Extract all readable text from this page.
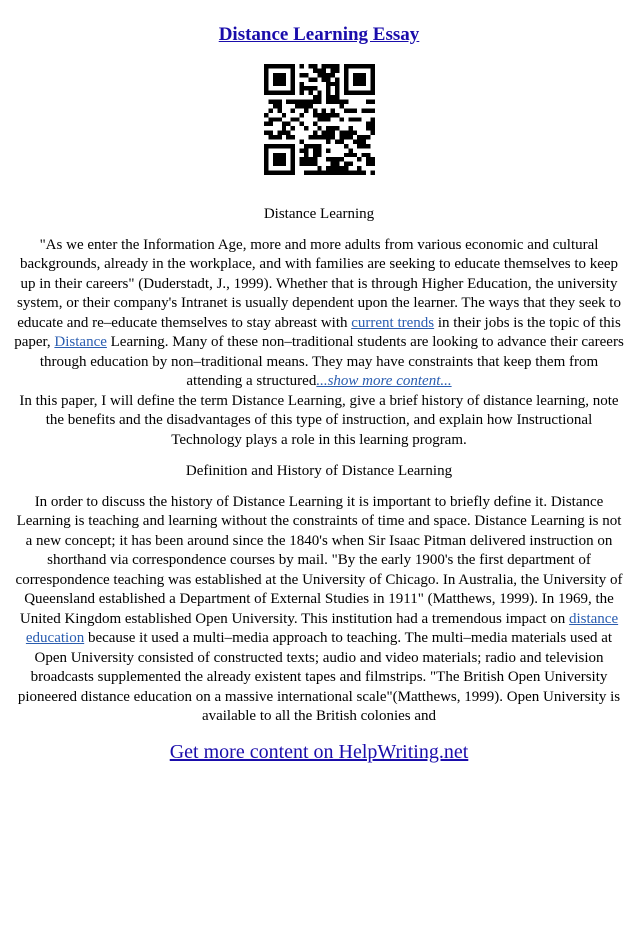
Distance Learning Essay

Distance Learning

"As we enter the Information Age, more and more adults from various economic and cultural backgrounds, already in the workplace, and with families are seeking to educate themselves to keep up in their careers" (Duderstadt, J., 1999). Whether that is through Higher Education, the university system, or their company's Intranet is usually dependent upon the learner. The ways that they seek to educate and re–educate themselves to stay abreast with current trends in their jobs is the topic of this paper, Distance Learning. Many of these non–traditional students are looking to advance their careers through education by non–traditional means. They may have constraints that keep them from attending a structured...show more content...

In this paper, I will define the term Distance Learning, give a brief history of distance learning, note the benefits and the disadvantages of this type of instruction, and explain how Instructional Technology plays a role in this learning program.

Definition and History of Distance Learning

In order to discuss the history of Distance Learning it is important to briefly define it. Distance Learning is teaching and learning without the constraints of time and space. Distance Learning is not a new concept; it has been around since the 1840's when Sir Isaac Pitman delivered instruction on shorthand via correspondence courses by mail. "By the early 1900's the first department of correspondence teaching was established at the University of Chicago. In Australia, the University of Queensland established a Department of External Studies in 1911" (Matthews, 1999). In 1969, the United Kingdom established Open University. This institution had a tremendous impact on distance education because it used a multi–media approach to teaching. The multi–media materials used at Open University consisted of constructed texts; audio and video materials; radio and television broadcasts supplemented the already existent tapes and filmstrips. "The British Open University pioneered distance education on a massive international scale"(Matthews, 1999). Open University is available to all the British colonies and

Get more content on HelpWriting.net
